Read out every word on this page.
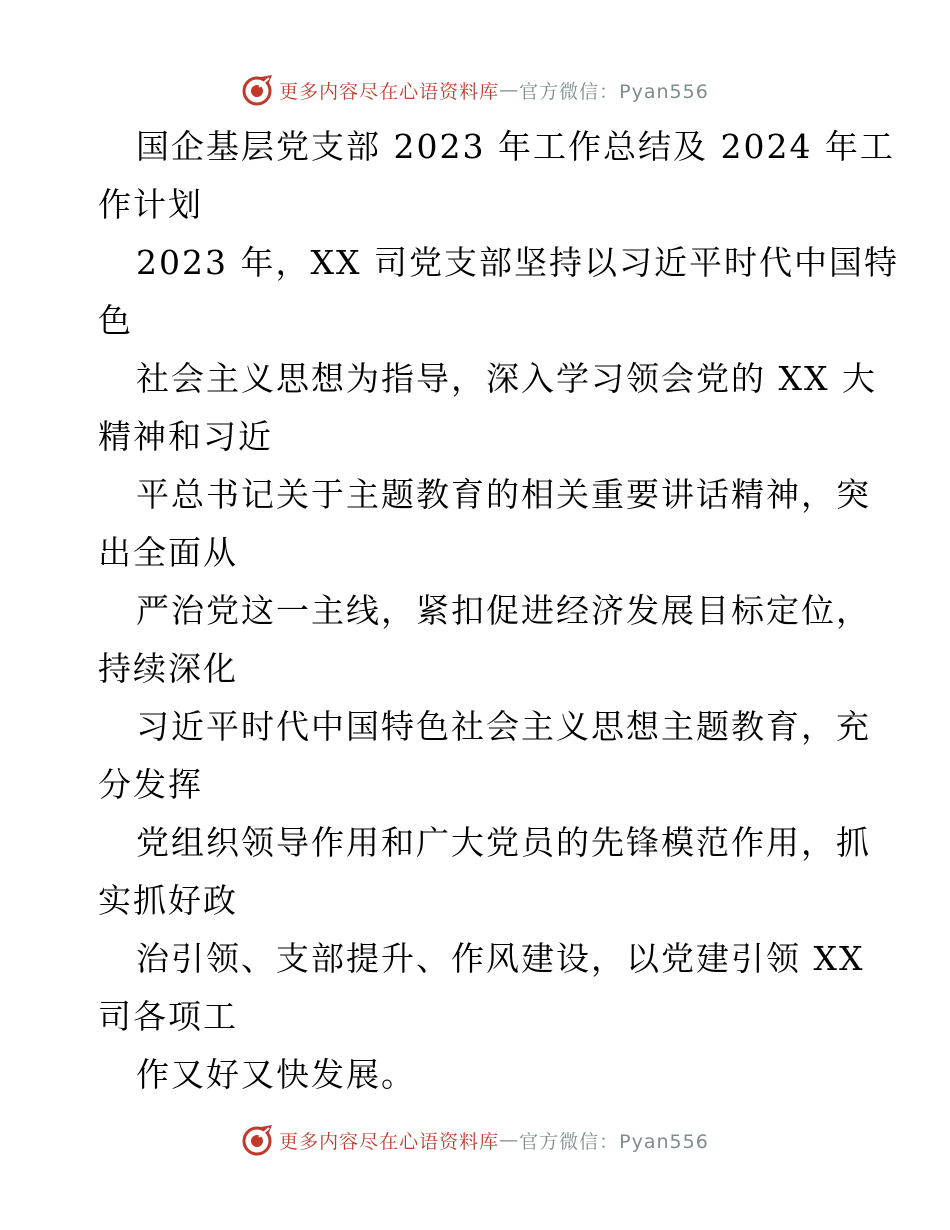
更多内容尽在心语资料库 — 官方微信：Pyan556
国企基层党支部 2023 年工作总结及 2024 年工
作计划
2023 年，XX 司党支部坚持以习近平时代中国特
色
社会主义思想为指导，深入学习领会党的 XX 大
精神和习近
平总书记关于主题教育的相关重要讲话精神，突
出全面从
严治党这一主线，紧扣促进经济发展目标定位，
持续深化
习近平时代中国特色社会主义思想主题教育，充
分发挥
党组织领导作用和广大党员的先锋模范作用，抓
实抓好政
治引领、支部提升、作风建设，以党建引领 XX
司各项工
作又好又快发展。
更多内容尽在心语资料库 — 官方微信：Pyan556
